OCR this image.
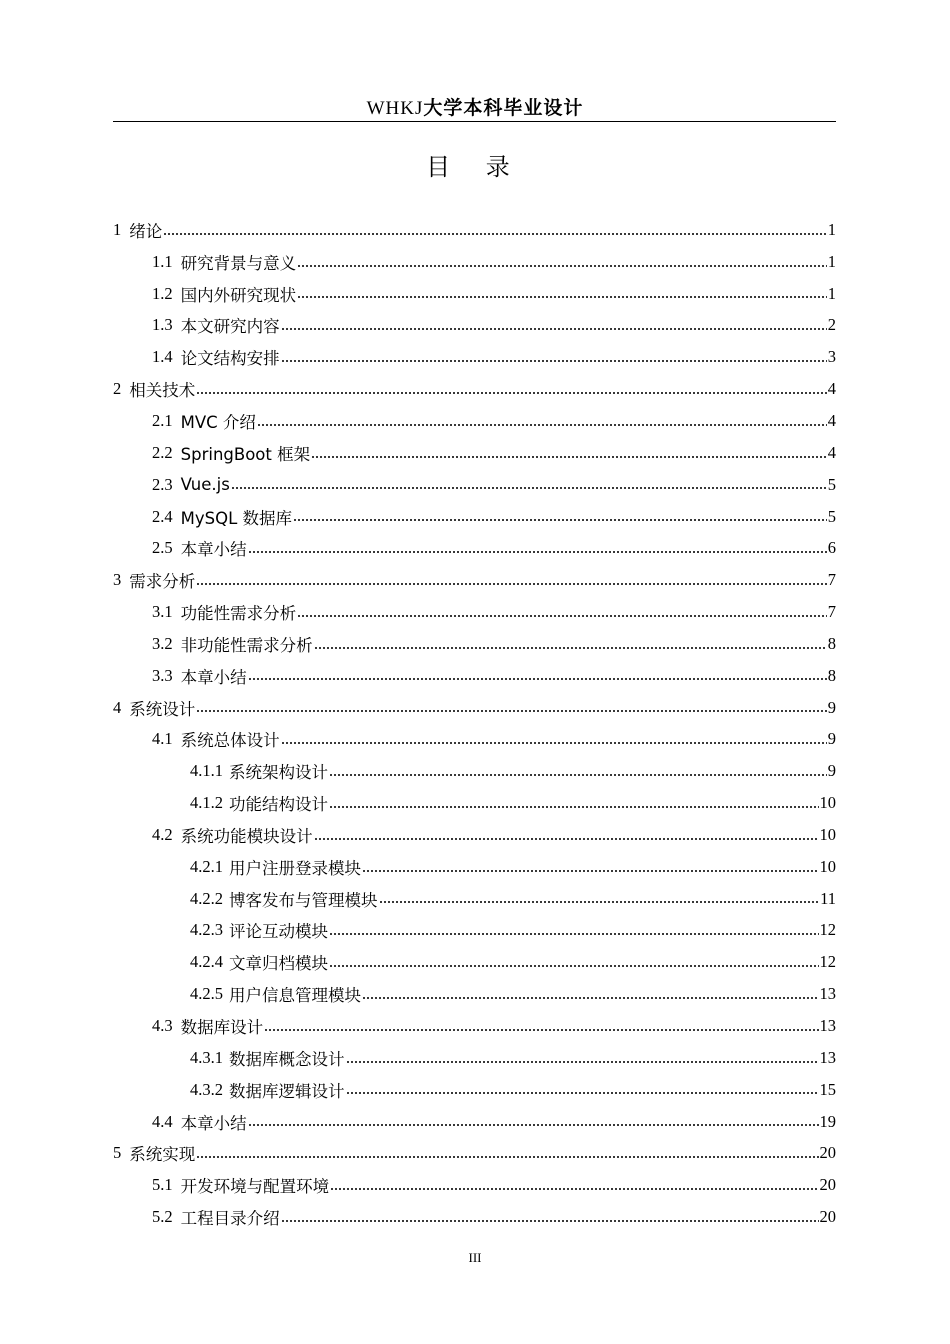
WHKJ大学本科毕业设计
目 录
1 绪论	1
1.1 研究背景与意义	1
1.2 国内外研究现状	1
1.3 本文研究内容	2
1.4 论文结构安排	3
2 相关技术	4
2.1 MVC 介绍	4
2.2 SpringBoot 框架	4
2.3 Vue.js	5
2.4 MySQL 数据库	5
2.5 本章小结	6
3 需求分析	7
3.1 功能性需求分析	7
3.2 非功能性需求分析	8
3.3 本章小结	8
4 系统设计	9
4.1 系统总体设计	9
4.1.1 系统架构设计	9
4.1.2 功能结构设计	10
4.2 系统功能模块设计	10
4.2.1 用户注册登录模块	10
4.2.2 博客发布与管理模块	11
4.2.3 评论互动模块	12
4.2.4 文章归档模块	12
4.2.5 用户信息管理模块	13
4.3 数据库设计	13
4.3.1 数据库概念设计	13
4.3.2 数据库逻辑设计	15
4.4 本章小结	19
5 系统实现	20
5.1 开发环境与配置环境	20
5.2 工程目录介绍	20
III
